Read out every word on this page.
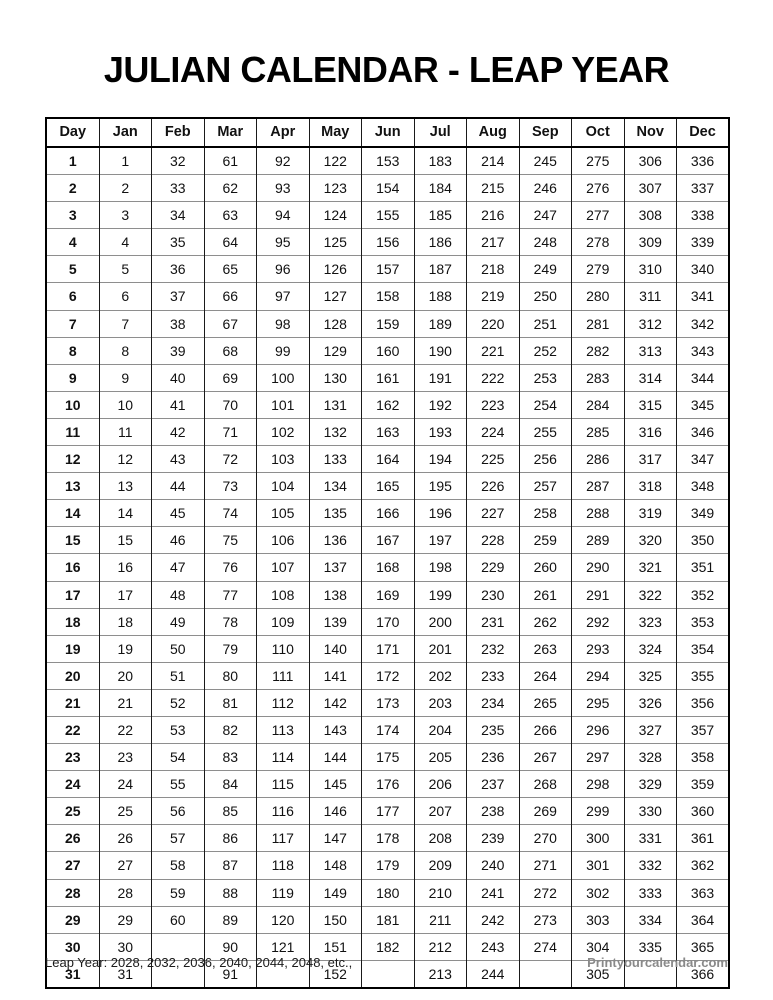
JULIAN CALENDAR - LEAP YEAR
Day	Jan	Feb	Mar	Apr	May	Jun	Jul	Aug	Sep	Oct	Nov	Dec
1	1	32	61	92	122	153	183	214	245	275	306	336
2	2	33	62	93	123	154	184	215	246	276	307	337
3	3	34	63	94	124	155	185	216	247	277	308	338
4	4	35	64	95	125	156	186	217	248	278	309	339
5	5	36	65	96	126	157	187	218	249	279	310	340
6	6	37	66	97	127	158	188	219	250	280	311	341
7	7	38	67	98	128	159	189	220	251	281	312	342
8	8	39	68	99	129	160	190	221	252	282	313	343
9	9	40	69	100	130	161	191	222	253	283	314	344
10	10	41	70	101	131	162	192	223	254	284	315	345
11	11	42	71	102	132	163	193	224	255	285	316	346
12	12	43	72	103	133	164	194	225	256	286	317	347
13	13	44	73	104	134	165	195	226	257	287	318	348
14	14	45	74	105	135	166	196	227	258	288	319	349
15	15	46	75	106	136	167	197	228	259	289	320	350
16	16	47	76	107	137	168	198	229	260	290	321	351
17	17	48	77	108	138	169	199	230	261	291	322	352
18	18	49	78	109	139	170	200	231	262	292	323	353
19	19	50	79	110	140	171	201	232	263	293	324	354
20	20	51	80	111	141	172	202	233	264	294	325	355
21	21	52	81	112	142	173	203	234	265	295	326	356
22	22	53	82	113	143	174	204	235	266	296	327	357
23	23	54	83	114	144	175	205	236	267	297	328	358
24	24	55	84	115	145	176	206	237	268	298	329	359
25	25	56	85	116	146	177	207	238	269	299	330	360
26	26	57	86	117	147	178	208	239	270	300	331	361
27	27	58	87	118	148	179	209	240	271	301	332	362
28	28	59	88	119	149	180	210	241	272	302	333	363
29	29	60	89	120	150	181	211	242	273	303	334	364
30	30		90	121	151	182	212	243	274	304	335	365
31	31		91		152		213	244		305		366
Leap Year: 2028, 2032, 2036, 2040, 2044, 2048, etc.,	Printyourcalendar.com
